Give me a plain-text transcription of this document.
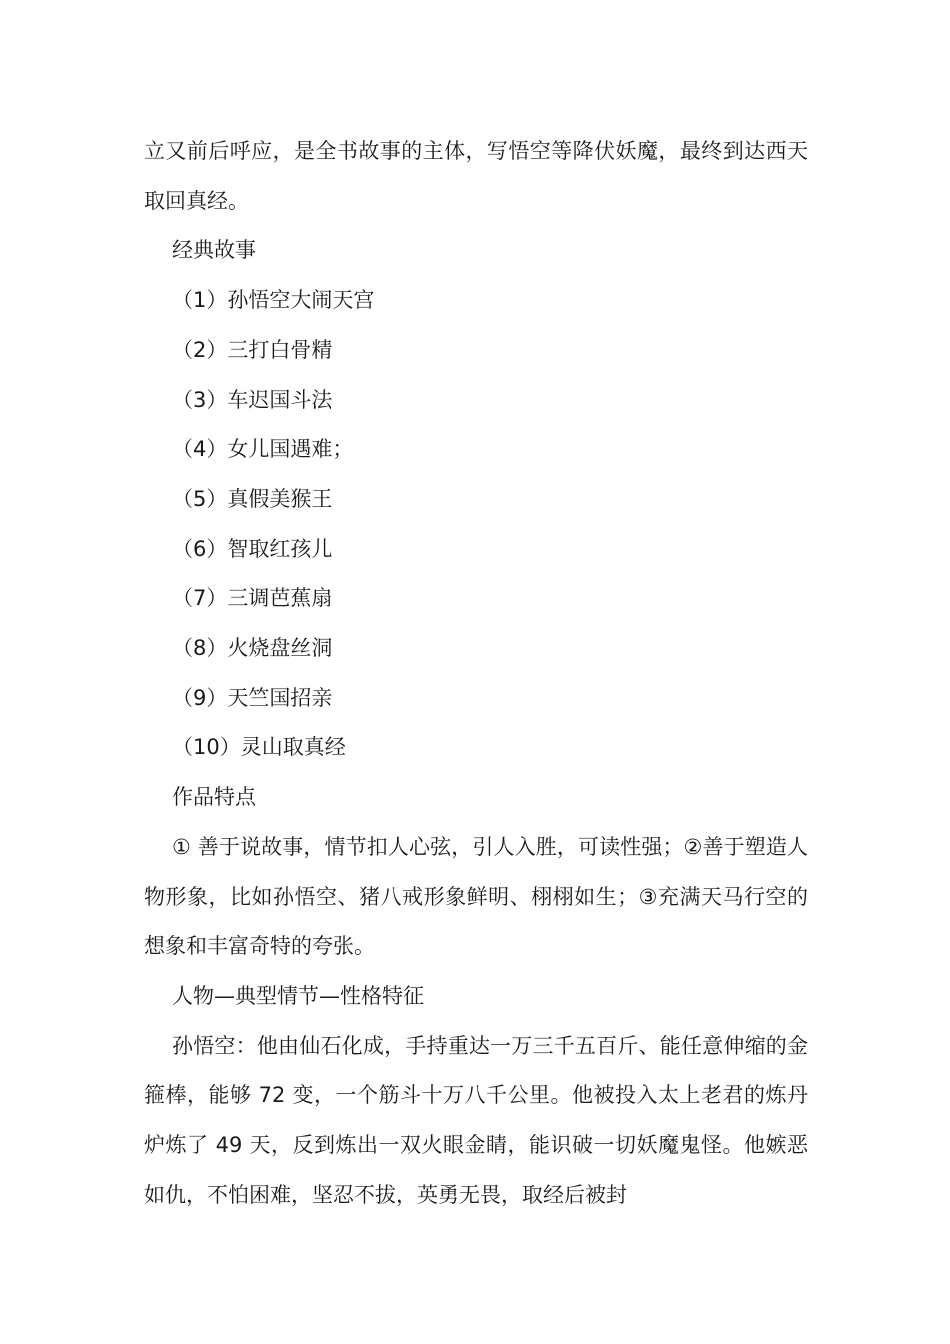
立又前后呼应，是全书故事的主体，写悟空等降伏妖魔，最终到达西天取回真经。

经典故事
（1）孙悟空大闹天宫
（2）三打白骨精
（3）车迟国斗法
（4）女儿国遇难；
（5）真假美猴王
（6）智取红孩儿
（7）三调芭蕉扇
（8）火烧盘丝洞
（9）天竺国招亲
（10）灵山取真经
作品特点

① 善于说故事，情节扣人心弦，引人入胜，可读性强；②善于塑造人物形象，比如孙悟空、猪八戒形象鲜明、栩栩如生；③充满天马行空的想象和丰富奇特的夸张。

人物—典型情节—性格特征

孙悟空：他由仙石化成，手持重达一万三千五百斤、能任意伸缩的金箍棒，能够 72 变，一个筋斗十万八千公里。他被投入太上老君的炼丹炉炼了 49 天，反到炼出一双火眼金睛，能识破一切妖魔鬼怪。他嫉恶如仇，不怕困难，坚忍不拔，英勇无畏，取经后被封
